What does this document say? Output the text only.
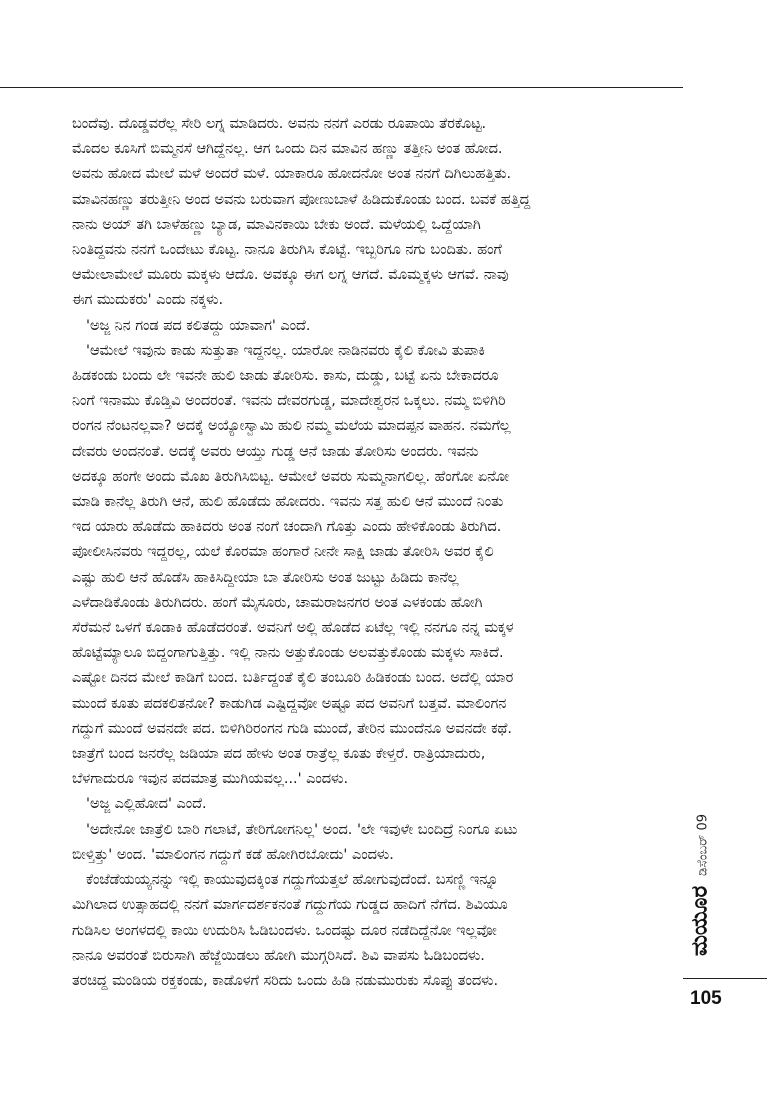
ಬಂದೆವು. ದೊಡ್ಡವರೆಲ್ಲ ಸೇರಿ ಲಗ್ನ ಮಾಡಿದರು. ಅವನು ನನಗೆ ಎರಡು ರೂಪಾಯಿ ತೆರಕೊಟ್ಟ.
ಮೊದಲ ಕೂಸಿಗೆ ಬಿಮ್ಮನಸೆ ಆಗಿದ್ದೆನಲ್ಲ. ಆಗ ಒಂದು ದಿನ ಮಾವಿನ ಹಣ್ಣು ತತ್ತೀನಿ ಅಂತ ಹೋದ.
ಅವನು ಹೋದ ಮೇಲೆ ಮಳೆ ಅಂದರೆ ಮಳೆ. ಯಾಕಾರೂ ಹೋದನೋ ಅಂತ ನನಗೆ ದಿಗಿಲುಹತ್ತಿತು.
ಮಾವಿನಹಣ್ಣು ತರುತ್ತೀನಿ ಅಂದ ಅವನು ಬರುವಾಗ ಪೋಣುಬಾಳೆ ಹಿಡಿದುಕೊಂಡು ಬಂದ. ಬವಕೆ ಹತ್ತಿದ್ದ
ನಾನು ಅಯ್ ತಗಿ ಬಾಳೆಹಣ್ಣು ಬ್ಯಾಡ, ಮಾವಿನಕಾಯಿ ಬೇಕು ಅಂದೆ. ಮಳೆಯಲ್ಲಿ ಒದ್ದೆಯಾಗಿ
ನಿಂತಿದ್ದವನು ನನಗೆ ಒಂದೇಟು ಕೊಟ್ಟ. ನಾನೂ ತಿರುಗಿಸಿ ಕೊಟ್ಟೆ. ಇಬ್ಬರಿಗೂ ನಗು ಬಂದಿತು. ಹಂಗೆ
ಆಮೇಲಾಮೇಲೆ ಮೂರು ಮಕ್ಕಳು ಆದೊ. ಅವಕ್ಕೂ ಈಗ ಲಗ್ನ ಆಗದೆ. ಮೊಮ್ಮಕ್ಕಳು ಆಗವೆ. ನಾವು
ಈಗ ಮುದುಕರು' ಎಂದು ನಕ್ಕಳು.
'ಅಜ್ಜ ನಿನ ಗಂಡ ಪದ ಕಲಿತದ್ದು ಯಾವಾಗ' ಎಂದೆ.
'ಆಮೇಲೆ ಇವುನು ಕಾಡು ಸುತ್ತುತಾ ಇದ್ದನಲ್ಲ. ಯಾರೋ ನಾಡಿನವರು ಕೈಲಿ ಕೋವಿ ತುಪಾಕಿ
ಹಿಡಕಂಡು ಬಂದು ಲೇ ಇವನೇ ಹುಲಿ ಜಾಡು ತೋರಿಸು. ಕಾಸು, ದುಡ್ಡು, ಬಟ್ಟೆ ಏನು ಬೇಕಾದರೂ
ನಿಂಗೆ ಇನಾಮು ಕೊಡ್ತಿವಿ ಅಂದರಂತೆ. ಇವನು ದೇವರಗುಡ್ಡ, ಮಾದೇಶ್ವರನ ಒಕ್ಕಲು. ನಮ್ಮ ಬಿಳಿಗಿರಿ
ರಂಗನ ನೆಂಟನಲ್ಲವಾ? ಅದಕ್ಕೆ ಅಯ್ಯೋಸ್ವಾಮಿ ಹುಲಿ ನಮ್ಮ ಮಲೆಯ ಮಾದಪ್ಪನ ವಾಹನ. ನಮಗೆಲ್ಲ
ದೇವರು ಅಂದನಂತೆ. ಅದಕ್ಕೆ ಅವರು ಆಯ್ತು ಗುಡ್ಡ ಆನೆ ಜಾಡು ತೋರಿಸು ಅಂದರು. ಇವನು
ಅದಕ್ಕೂ ಹಂಗೇ ಅಂದು ಮೊಖ ತಿರುಗಿಸಿಬಿಟ್ಟ. ಆಮೇಲೆ ಅವರು ಸುಮ್ಮನಾಗಲಿಲ್ಲ. ಹೆಂಗೋ ಏನೋ
ಮಾಡಿ ಕಾನೆಲ್ಲ ತಿರುಗಿ ಆನೆ, ಹುಲಿ ಹೊಡೆದು ಹೋದರು. ಇವನು ಸತ್ತ ಹುಲಿ ಆನೆ ಮುಂದೆ ನಿಂತು
ಇದ ಯಾರು ಹೊಡೆದು ಹಾಕಿದರು ಅಂತ ನಂಗೆ ಚಂದಾಗಿ ಗೊತ್ತು ಎಂದು ಹೇಳಿಕೊಂಡು ತಿರುಗಿದ.
ಪೋಲೀಸಿನವರು ಇದ್ದರಲ್ಲ, ಯಲೆ ಕೊರಮಾ ಹಂಗಾರೆ ನೀನೇ ಸಾಕ್ಷಿ ಜಾಡು ತೋರಿಸಿ ಅವರ ಕೈಲಿ
ಎಷ್ಟು ಹುಲಿ ಆನೆ ಹೊಡೆಸಿ ಹಾಕಿಸಿದ್ದೀಯಾ ಬಾ ತೋರಿಸು ಅಂತ ಜುಟ್ಟು ಹಿಡಿದು ಕಾನೆಲ್ಲ
ಎಳೆದಾಡಿಕೊಂಡು ತಿರುಗಿದರು. ಹಂಗೆ ಮೈಸೂರು, ಚಾಮರಾಜನಗರ ಅಂತ ಎಳಕಂಡು ಹೋಗಿ
ಸೆರೆಮನೆ ಒಳಗೆ ಕೂಡಾಕಿ ಹೊಡೆದರಂತೆ. ಅವನಿಗೆ ಅಲ್ಲಿ ಹೊಡೆದ ಏಟೆಲ್ಲ ಇಲ್ಲಿ ನನಗೂ ನನ್ನ ಮಕ್ಕಳ
ಹೊಟ್ಟೆಮ್ಯಾಲೂ ಬಿದ್ದಂಗಾಗುತ್ತಿತ್ತು. ಇಲ್ಲಿ ನಾನು ಅತ್ತುಕೊಂಡು ಅಲವತ್ತುಕೊಂಡು ಮಕ್ಕಳು ಸಾಕಿದೆ.
ಎಷ್ಟೋ ದಿನದ ಮೇಲೆ ಕಾಡಿಗೆ ಬಂದ. ಬರ್ತಿದ್ದಂತೆ ಕೈಲಿ ತಂಬೂರಿ ಹಿಡಿಕಂಡು ಬಂದ. ಅದೆಲ್ಲಿ ಯಾರ
ಮುಂದೆ ಕೂತು ಪದಕಲಿತನೋ? ಕಾಡುಗಿಡ ಎಷ್ಟಿದ್ದವೋ ಅಷ್ಟೂ ಪದ ಅವನಿಗೆ ಬತ್ತವೆ. ಮಾಲಿಂಗನ
ಗದ್ದುಗೆ ಮುಂದೆ ಅವನದೇ ಪದ. ಬಿಳಿಗಿರಿರಂಗನ ಗುಡಿ ಮುಂದೆ, ತೇರಿನ ಮುಂದೆನೂ ಅವನದೇ ಕಥೆ.
ಜಾತ್ರೆಗೆ ಬಂದ ಜನರೆಲ್ಲ ಜಡಿಯಾ ಪದ ಹೇಳು ಅಂತ ರಾತ್ರೆಲ್ಲ ಕೂತು ಕೇಳ್ತರೆ. ರಾತ್ರಿಯಾದುರು,
ಬೆಳಗಾದುರೂ ಇವುನ ಪದಮಾತ್ರ ಮುಗಿಯವಲ್ಲ...' ಎಂದಳು.
'ಅಜ್ಜ ಎಲ್ಲಿಹೋದ' ಎಂದೆ.
'ಅದೇನೋ ಜಾತ್ರೆಲಿ ಬಾರಿ ಗಲಾಟೆ, ತೇರಿಗೋಗನಿಲ್ಲ' ಅಂದ. 'ಲೇ ಇವುಳೇ ಬಂದಿದ್ರೆ ನಿಂಗೂ ಏಟು
ಬೀಳ್ತಿತ್ತು' ಅಂದ. 'ಮಾಲಿಂಗನ ಗದ್ದುಗೆ ಕಡೆ ಹೋಗಿರಬೋದು' ಎಂದಳು.
ಕೆಂಜೆಡೆಯಯ್ಯನನ್ನು ಇಲ್ಲಿ ಕಾಯುವುದಕ್ಕಿಂತ ಗದ್ದುಗೆಯತ್ತಲೆ ಹೋಗುವುದೆಂದೆ. ಬಸಣ್ಣಿ ಇನ್ನೂ
ಮಿಗಿಲಾದ ಉತ್ಸಾಹದಲ್ಲಿ ನನಗೆ ಮಾರ್ಗದರ್ಶಕನಂತೆ ಗದ್ದುಗೆಯ ಗುಡ್ಡದ ಹಾದಿಗೆ ನೆಗೆದ. ಶಿವಿಯೂ
ಗುಡಿಸಿಲ ಅಂಗಳದಲ್ಲಿ ಕಾಯಿ ಉದುರಿಸಿ ಓಡಿಬಂದಳು. ಒಂದಷ್ಟು ದೂರ ನಡೆದಿದ್ದೆನೋ ಇಲ್ಲವೋ
ನಾನೂ ಅವರಂತೆ ಬಿರುಸಾಗಿ ಹೆಜ್ಜೆಯಿಡಲು ಹೋಗಿ ಮುಗ್ಗರಿಸಿದೆ. ಶಿವಿ ವಾಪಸು ಓಡಿಬಂದಳು.
ತರಚಿದ್ದ ಮಂಡಿಯ ರಕ್ತಕಂಡು, ಕಾಡೊಳಗೆ ಸರಿದು ಒಂದು ಹಿಡಿ ನಡುಮುರುಕು ಸೊಪ್ಪು ತಂದಳು.
ಮಯೂರ
ಡಿಸೆಂಬರ್ 09
105
